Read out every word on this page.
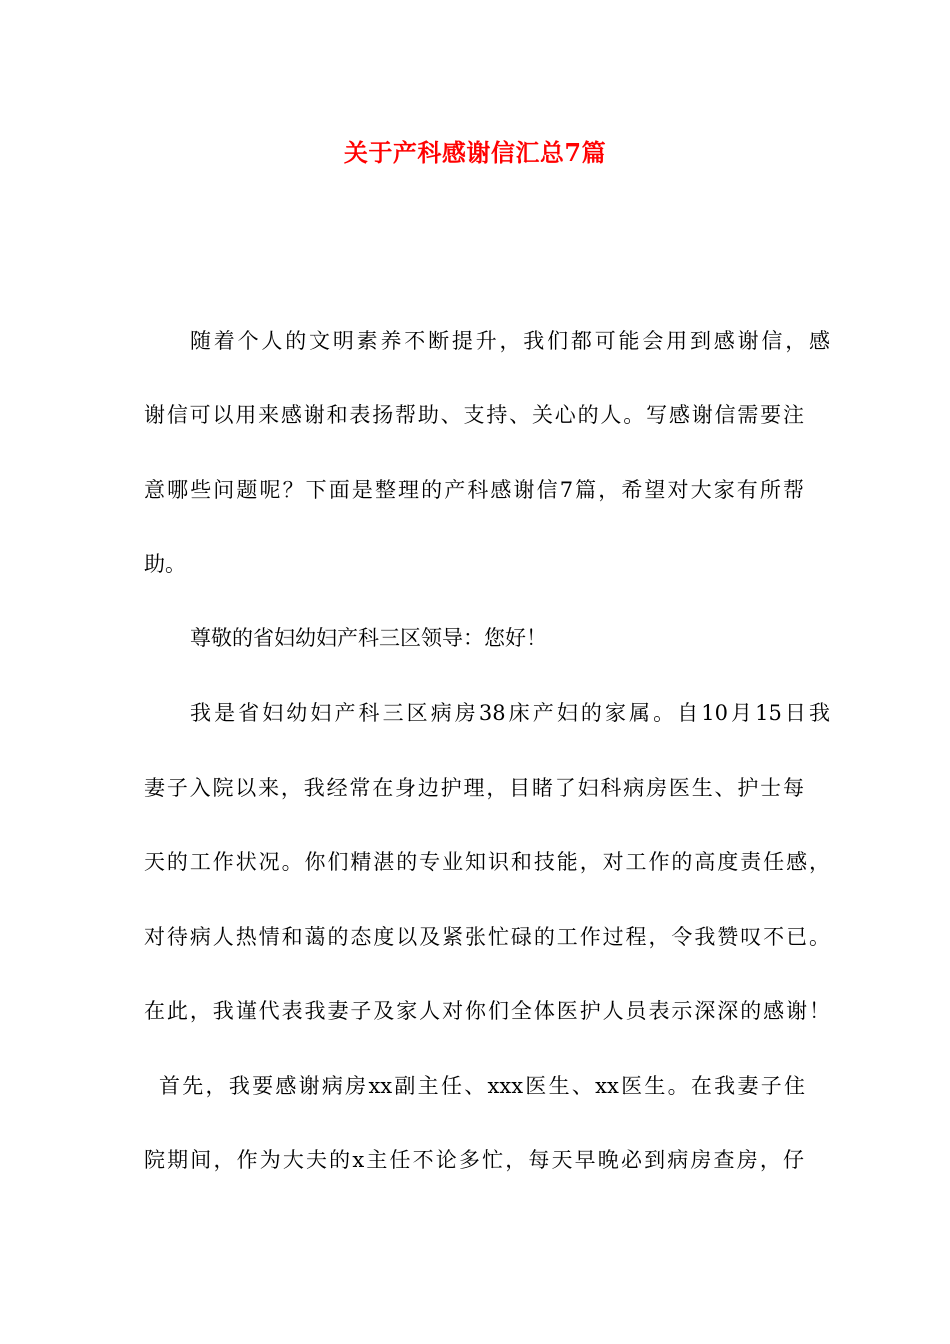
关于产科感谢信汇总7篇

随着个人的文明素养不断提升，我们都可能会用到感谢信，感

谢信可以用来感谢和表扬帮助、支持、关心的人。写感谢信需要注

意哪些问题呢？下面是整理的产科感谢信7篇，希望对大家有所帮

助。

尊敬的省妇幼妇产科三区领导：您好！

我是省妇幼妇产科三区病房38床产妇的家属。自10月15日我

妻子入院以来，我经常在身边护理，目睹了妇科病房医生、护士每

天的工作状况。你们精湛的专业知识和技能，对工作的高度责任感，

对待病人热情和蔼的态度以及紧张忙碌的工作过程，令我赞叹不已。

在此，我谨代表我妻子及家人对你们全体医护人员表示深深的感谢！

首先，我要感谢病房xx副主任、xxx医生、xx医生。在我妻子住

院期间，作为大夫的x主任不论多忙，每天早晚必到病房查房，仔
